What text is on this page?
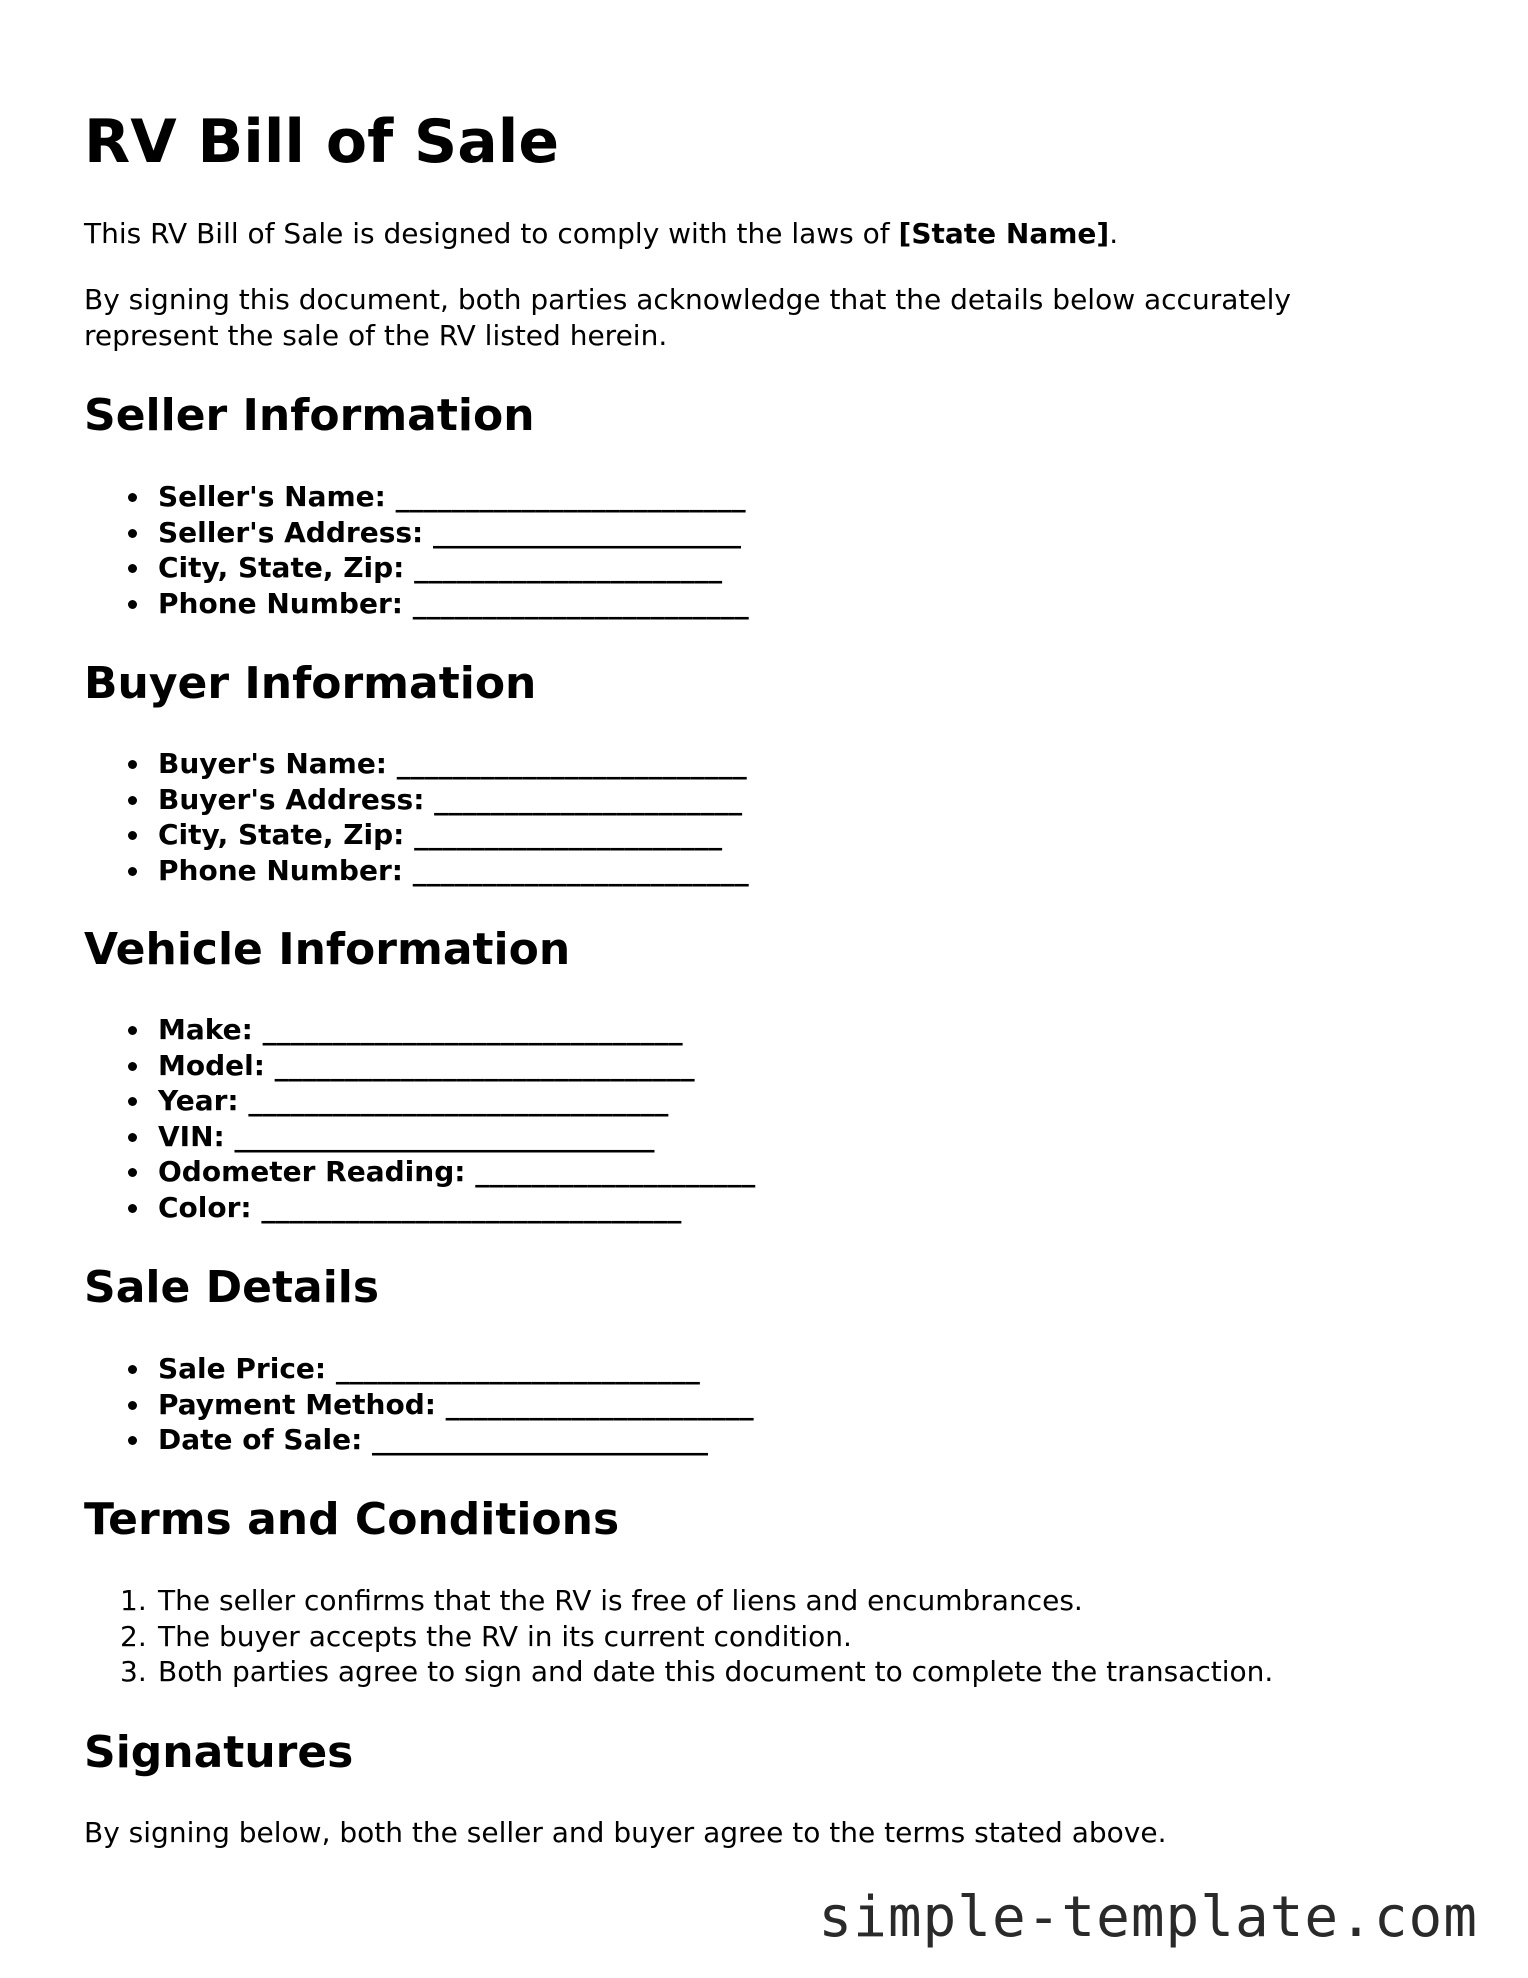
RV Bill of Sale

This RV Bill of Sale is designed to comply with the laws of [State Name].

By signing this document, both parties acknowledge that the details below accurately represent the sale of the RV listed herein.

Seller Information
Seller's Name: _________________________
Seller's Address: ______________________
City, State, Zip: ______________________
Phone Number: ________________________
Buyer Information
Buyer's Name: _________________________
Buyer's Address: ______________________
City, State, Zip: ______________________
Phone Number: ________________________
Vehicle Information
Make: ______________________________
Model: ______________________________
Year: ______________________________
VIN: ______________________________
Odometer Reading: ____________________
Color: ______________________________
Sale Details
Sale Price: __________________________
Payment Method: ______________________
Date of Sale: ________________________
Terms and Conditions
1. The seller confirms that the RV is free of liens and encumbrances.
2. The buyer accepts the RV in its current condition.
3. Both parties agree to sign and date this document to complete the transaction.
Signatures

By signing below, both the seller and buyer agree to the terms stated above.

simple-template.com
